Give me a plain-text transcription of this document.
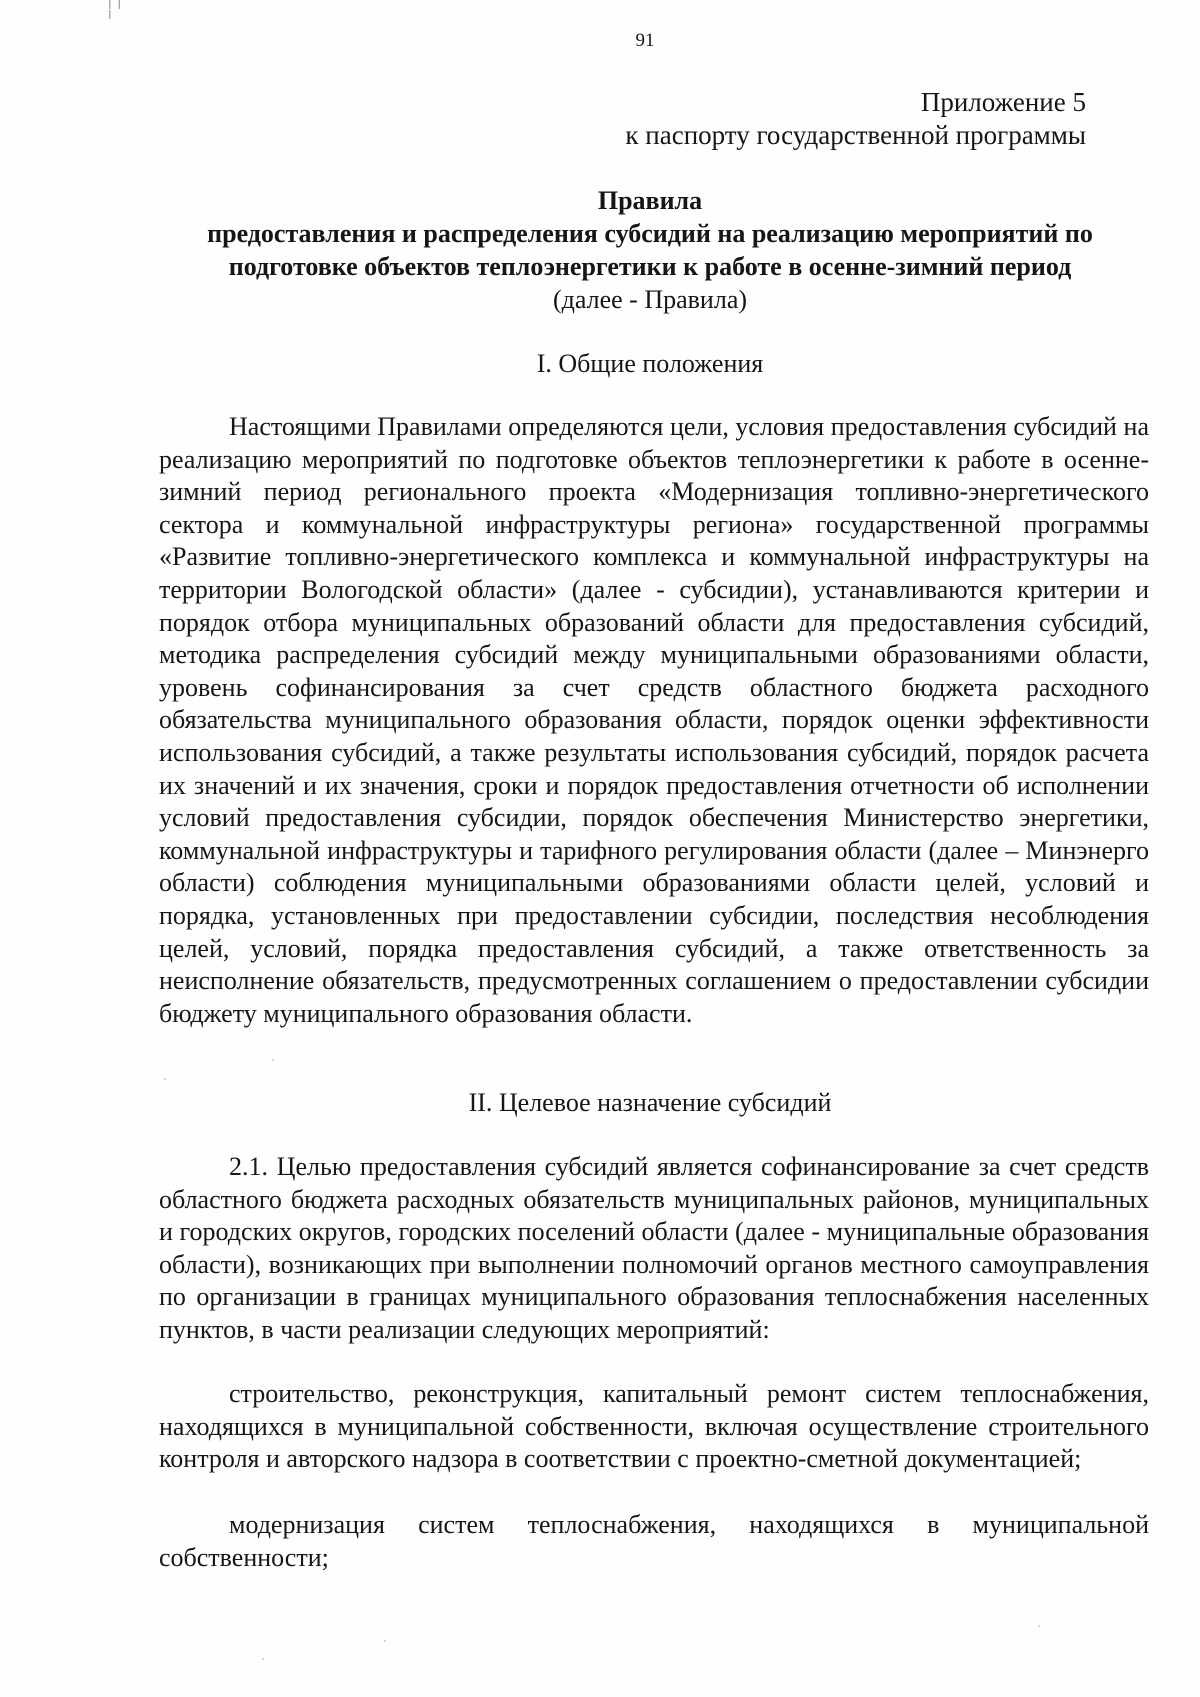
II I
91
Приложение 5
к паспорту государственной программы
Правила
предоставления и распределения субсидий на реализацию мероприятий по
подготовке объектов теплоэнергетики к работе в осенне-зимний период
(далее - Правила)
I. Общие положения

Настоящими Правилами определяются цели, условия предоставления субсидий на реализацию мероприятий по подготовке объектов теплоэнергетики к работе в осенне-зимний период регионального проекта «Модернизация топливно-энергетического сектора и коммунальной инфраструктуры региона» государственной программы «Развитие топливно-энергетического комплекса и коммунальной инфраструктуры на территории Вологодской области» (далее - субсидии), устанавливаются критерии и порядок отбора муниципальных образований области для предоставления субсидий, методика распределения субсидий между муниципальными образованиями области, уровень софинансирования за счет средств областного бюджета расходного обязательства муниципального образования области, порядок оценки эффективности использования субсидий, а также результаты использования субсидий, порядок расчета их значений и их значения, сроки и порядок предоставления отчетности об исполнении условий предоставления субсидии, порядок обеспечения Министерство энергетики, коммунальной инфраструктуры и тарифного регулирования области (далее – Минэнерго области) соблюдения муниципальными образованиями области целей, условий и порядка, установленных при предоставлении субсидии, последствия несоблюдения целей, условий, порядка предоставления субсидий, а также ответственность за неисполнение обязательств, предусмотренных соглашением о предоставлении субсидии бюджету муниципального образования области.

II. Целевое назначение субсидий

2.1. Целью предоставления субсидий является софинансирование за счет средств областного бюджета расходных обязательств муниципальных районов, муниципальных и городских округов, городских поселений области (далее - муниципальные образования области), возникающих при выполнении полномочий органов местного самоуправления по организации в границах муниципального образования теплоснабжения населенных пунктов, в части реализации следующих мероприятий:

строительство, реконструкция, капитальный ремонт систем теплоснабжения, находящихся в муниципальной собственности, включая осуществление строительного контроля и авторского надзора в соответствии с проектно-сметной документацией;

модернизация систем теплоснабжения, находящихся в муниципальной собственности;
